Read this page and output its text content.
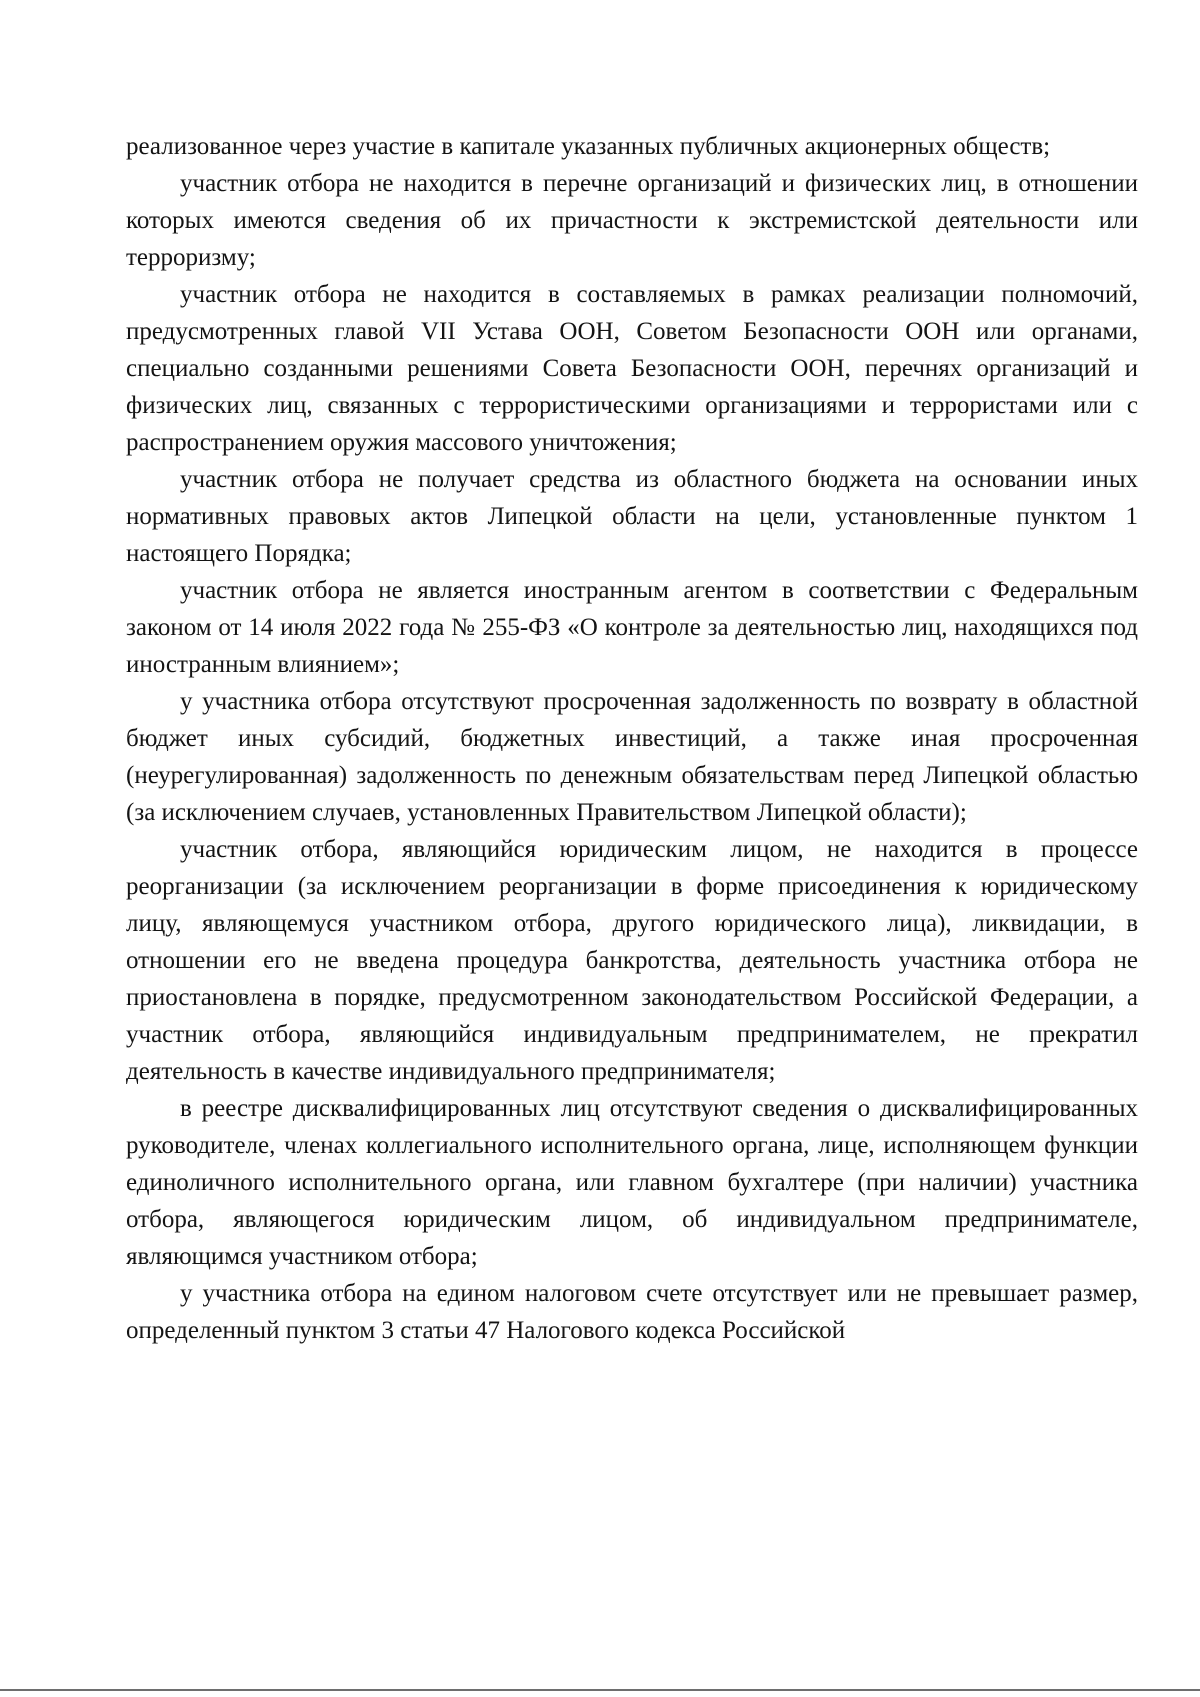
реализованное через участие в капитале указанных публичных акционерных обществ;

участник отбора не находится в перечне организаций и физических лиц, в отношении которых имеются сведения об их причастности к экстремистской деятельности или терроризму;

участник отбора не находится в составляемых в рамках реализации полномочий, предусмотренных главой VII Устава ООН, Советом Безопасности ООН или органами, специально созданными решениями Совета Безопасности ООН, перечнях организаций и физических лиц, связанных с террористическими организациями и террористами или с распространением оружия массового уничтожения;

участник отбора не получает средства из областного бюджета на основании иных нормативных правовых актов Липецкой области на цели, установленные пунктом 1 настоящего Порядка;

участник отбора не является иностранным агентом в соответствии с Федеральным законом от 14 июля 2022 года № 255-ФЗ «О контроле за деятельностью лиц, находящихся под иностранным влиянием»;

у участника отбора отсутствуют просроченная задолженность по возврату в областной бюджет иных субсидий, бюджетных инвестиций, а также иная просроченная (неурегулированная) задолженность по денежным обязательствам перед Липецкой областью (за исключением случаев, установленных Правительством Липецкой области);

участник отбора, являющийся юридическим лицом, не находится в процессе реорганизации (за исключением реорганизации в форме присоединения к юридическому лицу, являющемуся участником отбора, другого юридического лица), ликвидации, в отношении его не введена процедура банкротства, деятельность участника отбора не приостановлена в порядке, предусмотренном законодательством Российской Федерации, а участник отбора, являющийся индивидуальным предпринимателем, не прекратил деятельность в качестве индивидуального предпринимателя;

в реестре дисквалифицированных лиц отсутствуют сведения о дисквалифицированных руководителе, членах коллегиального исполнительного органа, лице, исполняющем функции единоличного исполнительного органа, или главном бухгалтере (при наличии) участника отбора, являющегося юридическим лицом, об индивидуальном предпринимателе, являющимся участником отбора;

у участника отбора на едином налоговом счете отсутствует или не превышает размер, определенный пунктом 3 статьи 47 Налогового кодекса Российской
